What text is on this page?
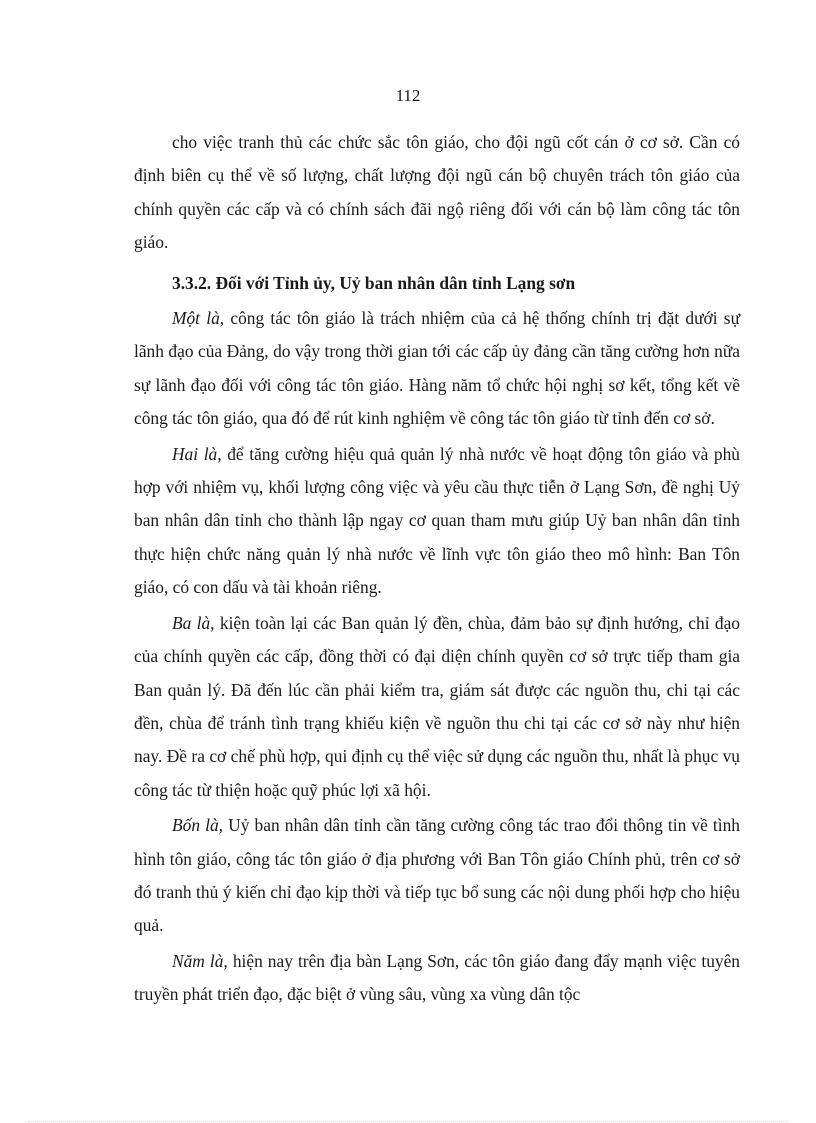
112

cho việc tranh thủ các chức sắc tôn giáo, cho đội ngũ cốt cán ở cơ sở. Cần có định biên cụ thể về số lượng, chất lượng đội ngũ cán bộ chuyên trách tôn giáo của chính quyền các cấp và có chính sách đãi ngộ riêng đối với cán bộ làm công tác tôn giáo.

3.3.2. Đối với Tỉnh ủy, Uỷ ban nhân dân tỉnh Lạng sơn

Một là, công tác tôn giáo là trách nhiệm của cả hệ thống chính trị đặt dưới sự lãnh đạo của Đảng, do vậy trong thời gian tới các cấp ủy đảng cần tăng cường hơn nữa sự lãnh đạo đối với công tác tôn giáo. Hàng năm tổ chức hội nghị sơ kết, tổng kết về công tác tôn giáo, qua đó để rút kinh nghiệm về công tác tôn giáo từ tỉnh đến cơ sở.

Hai là, để tăng cường hiệu quả quản lý nhà nước về hoạt động tôn giáo và phù hợp với nhiệm vụ, khối lượng công việc và yêu cầu thực tiễn ở Lạng Sơn, đề nghị Uỷ ban nhân dân tỉnh cho thành lập ngay cơ quan tham mưu giúp Uỷ ban nhân dân tỉnh thực hiện chức năng quản lý nhà nước về lĩnh vực tôn giáo theo mô hình: Ban Tôn giáo, có con dấu và tài khoản riêng.

Ba là, kiện toàn lại các Ban quản lý đền, chùa, đảm bảo sự định hướng, chỉ đạo của chính quyền các cấp, đồng thời có đại diện chính quyền cơ sở trực tiếp tham gia Ban quản lý. Đã đến lúc cần phải kiểm tra, giám sát được các nguồn thu, chi tại các đền, chùa để tránh tình trạng khiếu kiện về nguồn thu chi tại các cơ sở này như hiện nay. Đề ra cơ chế phù hợp, qui định cụ thể việc sử dụng các nguồn thu, nhất là phục vụ công tác từ thiện hoặc quỹ phúc lợi xã hội.

Bốn là, Uỷ ban nhân dân tỉnh cần tăng cường công tác trao đổi thông tin về tình hình tôn giáo, công tác tôn giáo ở địa phương với Ban Tôn giáo Chính phủ, trên cơ sở đó tranh thủ ý kiến chỉ đạo kịp thời và tiếp tục bổ sung các nội dung phối hợp cho hiệu quả.

Năm là, hiện nay trên địa bàn Lạng Sơn, các tôn giáo đang đẩy mạnh việc tuyên truyền phát triển đạo, đặc biệt ở vùng sâu, vùng xa vùng dân tộc
